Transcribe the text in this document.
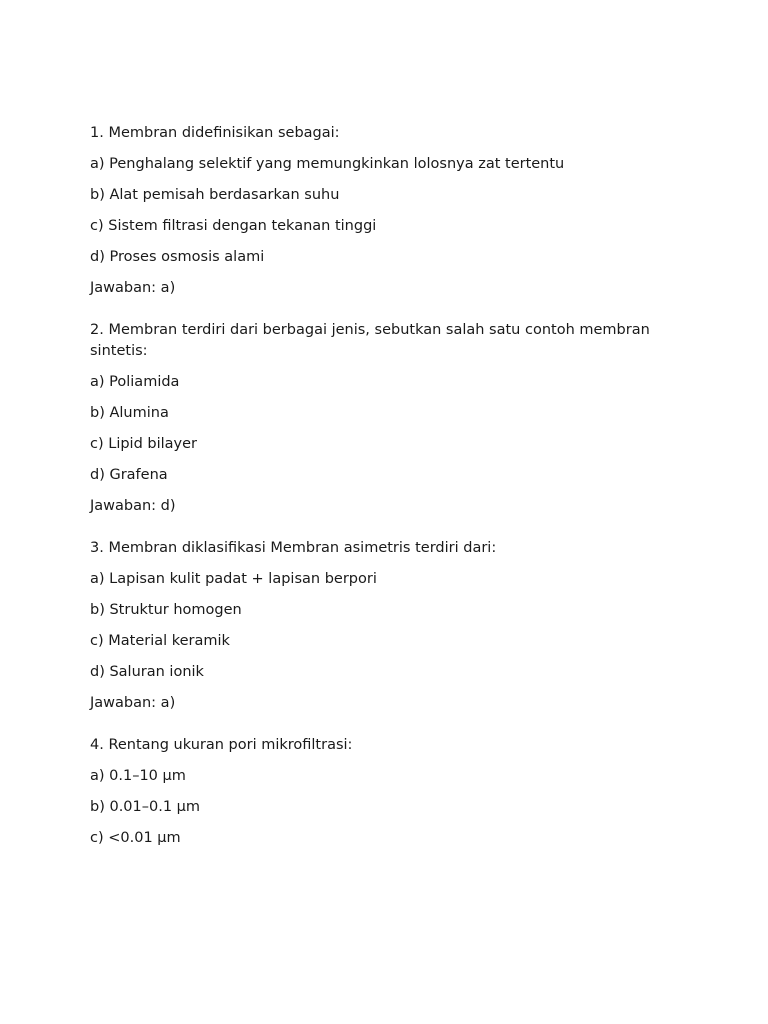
1. Membran didefinisikan sebagai:

a) Penghalang selektif yang memungkinkan lolosnya zat tertentu

b) Alat pemisah berdasarkan suhu

c) Sistem filtrasi dengan tekanan tinggi

d) Proses osmosis alami

Jawaban: a)

2. Membran terdiri dari berbagai jenis, sebutkan salah satu contoh membran sintetis:

a) Poliamida

b) Alumina

c) Lipid bilayer

d) Grafena

Jawaban: d)

3. Membran diklasifikasi Membran asimetris terdiri dari:

a) Lapisan kulit padat + lapisan berpori

b) Struktur homogen

c) Material keramik

d) Saluran ionik

Jawaban: a)

4. Rentang ukuran pori mikrofiltrasi:

a) 0.1–10 μm

b) 0.01–0.1 μm

c) <0.01 μm
